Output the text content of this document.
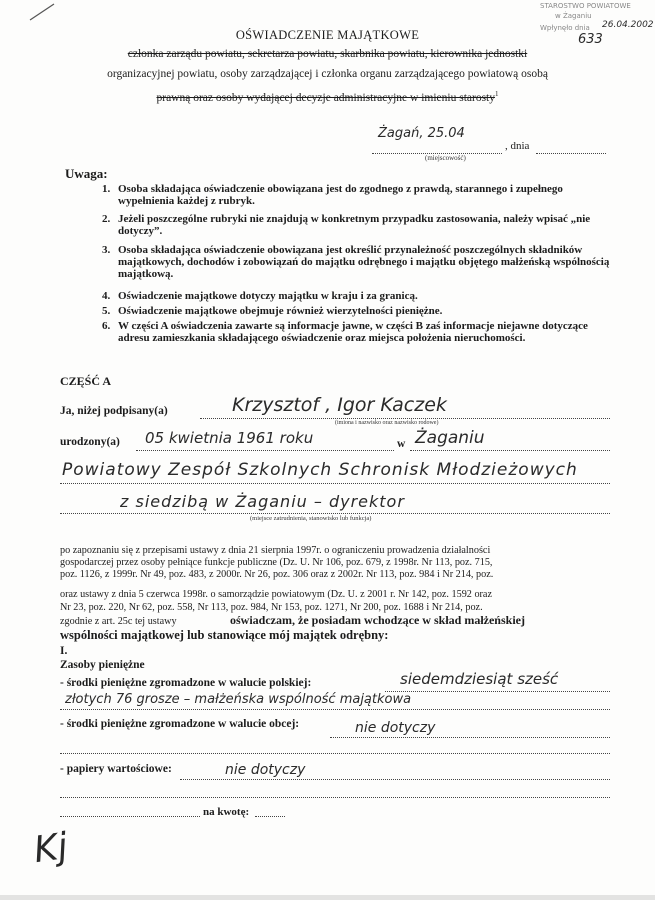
STAROSTWO POWIATOWE
w Żaganiu
Wpłynęło dnia 26.04.2002
633
OŚWIADCZENIE MAJĄTKOWE
członka zarządu powiatu, sekretarza powiatu, skarbnika powiatu, kierownika jednostki
organizacyjnej powiatu, osoby zarządzającej i członka organu zarządzającego powiatową osobą
prawną oraz osoby wydającej decyzje administracyjne w imieniu starosty$^1$
Żagań, 25.04
, dnia
(miejscowość)
Uwaga:
1. Osoba składająca oświadczenie obowiązana jest do zgodnego z prawdą, starannego i zupełnego wypełnienia każdej z rubryk.
2. Jeżeli poszczególne rubryki nie znajdują w konkretnym przypadku zastosowania, należy wpisać „nie dotyczy”.
3. Osoba składająca oświadczenie obowiązana jest określić przynależność poszczególnych składników majątkowych, dochodów i zobowiązań do majątku odrębnego i majątku objętego małżeńską wspólnością majątkową.
4. Oświadczenie majątkowe dotyczy majątku w kraju i za granicą.
5. Oświadczenie majątkowe obejmuje również wierzytelności pieniężne.
6. W części A oświadczenia zawarte są informacje jawne, w części B zaś informacje niejawne dotyczące adresu zamieszkania składającego oświadczenie oraz miejsca położenia nieruchomości.
CZĘŚĆ A
Ja, niżej podpisany(a)	Krzysztof , Igor Kaczek
(imiona i nazwisko oraz nazwisko rodowe)
urodzony(a) 05 kwietnia 1961 roku	w Żaganiu
Powiatowy Zespół Szkolnych Schronisk Młodzieżowych
z siedzibą w Żaganiu – dyrektor
(miejsce zatrudnienia, stanowisko lub funkcja)
po zapoznaniu się z przepisami ustawy z dnia 21 sierpnia 1997r. o ograniczeniu prowadzenia działalności
gospodarczej przez osoby pełniące funkcje publiczne (Dz. U. Nr 106, poz. 679, z 1998r. Nr 113, poz. 715,
poz. 1126, z 1999r. Nr 49, poz. 483, z 2000r. Nr 26, poz. 306 oraz z 2002r. Nr 113, poz. 984 i Nr 214, poz.
oraz ustawy z dnia 5 czerwca 1998r. o samorządzie powiatowym (Dz. U. z 2001 r. Nr 142, poz. 1592 oraz
Nr 23, poz. 220, Nr 62, poz. 558, Nr 113, poz. 984, Nr 153, poz. 1271, Nr 200, poz. 1688 i Nr 214, poz.
zgodnie z art. 25c tej ustawy	oświadczam, że posiadam wchodzące w skład małżeńskiej
wspólności majątkowej lub stanowiące mój majątek odrębny:
I.
Zasoby pieniężne
- środki pieniężne zgromadzone w walucie polskiej:	siedemdziesiąt sześć
złotych 76 grosze – małżeńska wspólność majątkowa
- środki pieniężne zgromadzone w walucie obcej:	nie dotyczy
- papiery wartościowe:	nie dotyczy
na kwotę:
Kj
